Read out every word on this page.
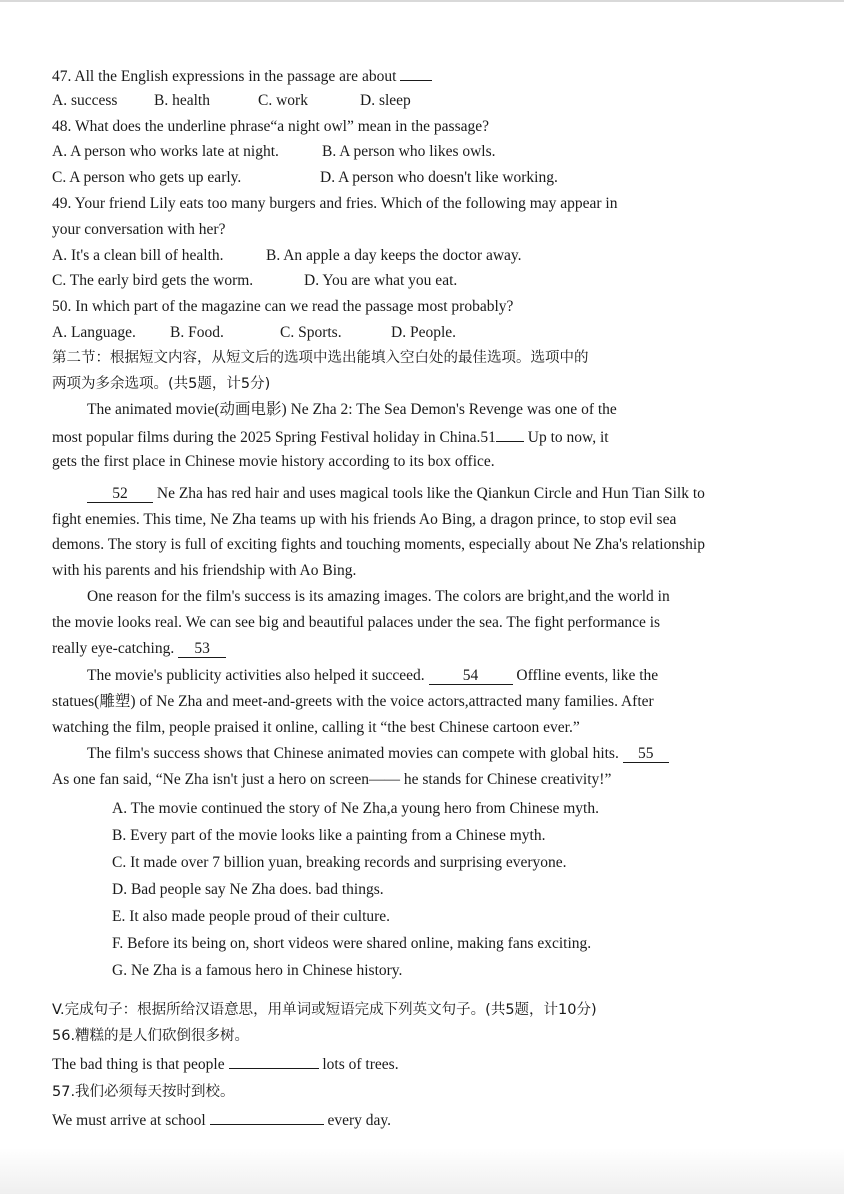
47. All the English expressions in the passage are about
A. success B. health	C. work	D. sleep
48. What does the underline phrase“a night owl” mean in the passage?
A. A person who works late at night.	B. A person who likes owls.
C. A person who gets up early.	D. A person who doesn't like working.
49. Your friend Lily eats too many burgers and fries. Which of the following may appear in
your conversation with her?
A. It's a clean bill of health.	B. An apple a day keeps the doctor away.
C. The early bird gets the worm.	D. You are what you eat.
50. In which part of the magazine can we read the passage most probably?
A. Language. B. Food.	C. Sports.	D. People.
第二节：根据短文内容，从短文后的选项中选出能填入空白处的最佳选项。选项中的
两项为多余选项。(共5题，计5分)
The animated movie(动画电影) Ne Zha 2: The Sea Demon's Revenge was one of the
most popular films during the 2025 Spring Festival holiday in China.51 Up to now, it
gets the first place in Chinese movie history according to its box office.
52 Ne Zha has red hair and uses magical tools like the Qiankun Circle and Hun Tian Silk to
fight enemies. This time, Ne Zha teams up with his friends Ao Bing, a dragon prince, to stop evil sea
demons. The story is full of exciting fights and touching moments, especially about Ne Zha's relationship
with his parents and his friendship with Ao Bing.
One reason for the film's success is its amazing images. The colors are bright,and the world in
the movie looks real. We can see big and beautiful palaces under the sea. The fight performance is
really eye-catching. 53
The movie's publicity activities also helped it succeed. 54 Offline events, like the
statues(雕塑) of Ne Zha and meet-and-greets with the voice actors,attracted many families. After
watching the film, people praised it online, calling it “the best Chinese cartoon ever.”
The film's success shows that Chinese animated movies can compete with global hits. 55
As one fan said, “Ne Zha isn't just a hero on screen—— he stands for Chinese creativity!”
A. The movie continued the story of Ne Zha,a young hero from Chinese myth.
B. Every part of the movie looks like a painting from a Chinese myth.
C. It made over 7 billion yuan, breaking records and surprising everyone.
D. Bad people say Ne Zha does. bad things.
E. It also made people proud of their culture.
F. Before its being on, short videos were shared online, making fans exciting.
G. Ne Zha is a famous hero in Chinese history.
V.完成句子：根据所给汉语意思，用单词或短语完成下列英文句子。(共5题，计10分)
56.糟糕的是人们砍倒很多树。
The bad thing is that people	lots of trees.
57.我们必须每天按时到校。
We must arrive at school	every day.
